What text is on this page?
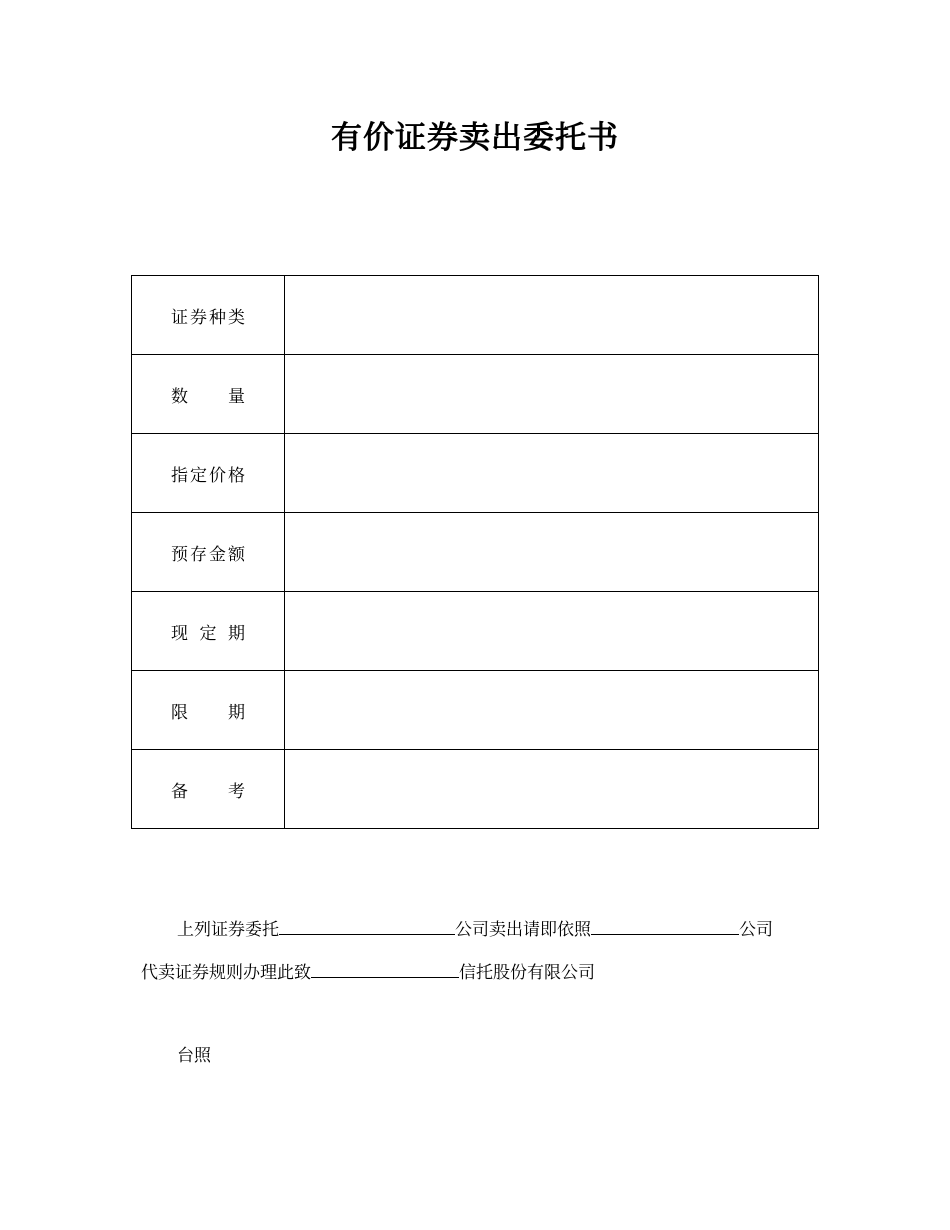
有价证券卖出委托书
证券种类	
数　量	
指定价格	
预存金额	
现 定 期	
限　期	
备　考	
上列证券委托	公司卖出请即依照	公司
代卖证券规则办理此致	信托股份有限公司
台照
